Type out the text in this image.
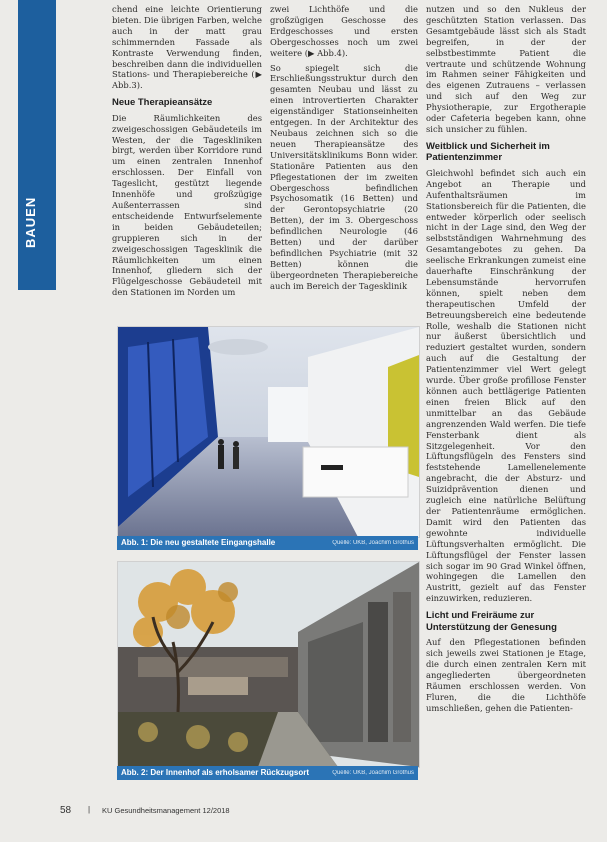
BAUEN

chend eine leichte Orientierung bieten. Die übrigen Farben, welche auch in der matt grau schimmernden Fassade als Kontraste Verwendung finden, beschreiben dann die individuellen Stations- und Therapiebereiche (▶ Abb.3).

Neue Therapieansätze

Die Räumlichkeiten des zweigeschossigen Gebäudeteils im Westen, der die Tageskliniken birgt, werden über Korridore rund um einen zentralen Innenhof erschlossen. Der Einfall von Tageslicht, gestützt liegende Innenhöfe und großzügige Außenterrassen sind entscheidende Entwurfselemente in beiden Gebäudeteilen; gruppieren sich in der zweigeschossigen Tagesklinik die Räumlichkeiten um einen Innenhof, gliedern sich der Flügelgeschosse Gebäudeteil mit den Stationen im Norden um

zwei Lichthöfe und die großzügigen Geschosse des Erdgeschosses und ersten Obergeschosses noch um zwei weitere (▶ Abb.4).

So spiegelt sich die Erschließungsstruktur durch den gesamten Neubau und lässt zu einen introvertierten Charakter eigenständiger Stationseinheiten entgegen. In der Architektur des Neubaus zeichnen sich so die neuen Therapieansätze des Universitätsklinikums Bonn wider. Stationäre Patienten aus den Pflegestationen der im zweiten Obergeschoss befindlichen Psychosomatik (16 Betten) und der Gerontopsychiatrie (20 Betten), der im 3. Obergeschoss befindlichen Neurologie (46 Betten) und der darüber befindlichen Psychiatrie (mit 32 Betten) können die übergeordneten Therapiebereiche auch im Bereich der Tagesklinik

nutzen und so den Nukleus der geschützten Station verlassen. Das Gesamtgebäude lässt sich als Stadt begreifen, in der der selbstbestimmte Patient die vertraute und schützende Wohnung im Rahmen seiner Fähigkeiten und des eigenen Zutrauens – verlassen und sich auf den Weg zur Physiotherapie, zur Ergotherapie oder Cafeteria begeben kann, ohne sich unsicher zu fühlen.

Weitblick und Sicherheit im Patientenzimmer

Gleichwohl befindet sich auch ein Angebot an Therapie und Aufenthaltsräumen im Stationsbereich für die Patienten, die entweder körperlich oder seelisch nicht in der Lage sind, den Weg der selbstständigen Wahrnehmung des Gesamtangebotes zu gehen. Da seelische Erkrankungen zumeist eine dauerhafte Einschränkung der Lebensumstände hervorrufen können, spielt neben dem therapeutischen Umfeld der Betreuungsbereich eine bedeutende Rolle, weshalb die Stationen nicht nur äußerst übersichtlich und reduziert gestaltet wurden, sondern auch auf die Gestaltung der Patientenzimmer viel Wert gelegt wurde. Über große profillose Fenster können auch bettlägerige Patienten einen freien Blick auf den unmittelbar an das Gebäude angrenzenden Wald werfen. Die tiefe Fensterbank dient als Sitzgelegenheit. Vor den Lüftungsflügeln des Fensters sind feststehende Lamellenelemente angebracht, die der Absturz- und Suizidprävention dienen und zugleich eine natürliche Belüftung der Patientenräume ermöglichen. Damit wird den Patienten das gewohnte individuelle Lüftungsverhalten ermöglicht. Die Lüftungsflügel der Fenster lassen sich sogar im 90 Grad Winkel öffnen, wohingegen die Lamellen den Austritt, gezielt auf das Fenster einzuwirken, reduzieren.

Licht und Freiräume zur Unterstützung der Genesung

Auf den Pflegestationen befinden sich jeweils zwei Stationen je Etage, die durch einen zentralen Kern mit angegliederten übergeordneten Räumen erschlossen werden. Von Fluren, die die Lichthöfe umschließen, gehen die Patienten-

Abb. 1: Die neu gestaltete Eingangshalle	Quelle: UKB, Joachim Grothus
Abb. 2: Der Innenhof als erholsamer Rückzugsort	Quelle: UKB, Joachim Grothus
58 | KU Gesundheitsmanagement 12/2018
